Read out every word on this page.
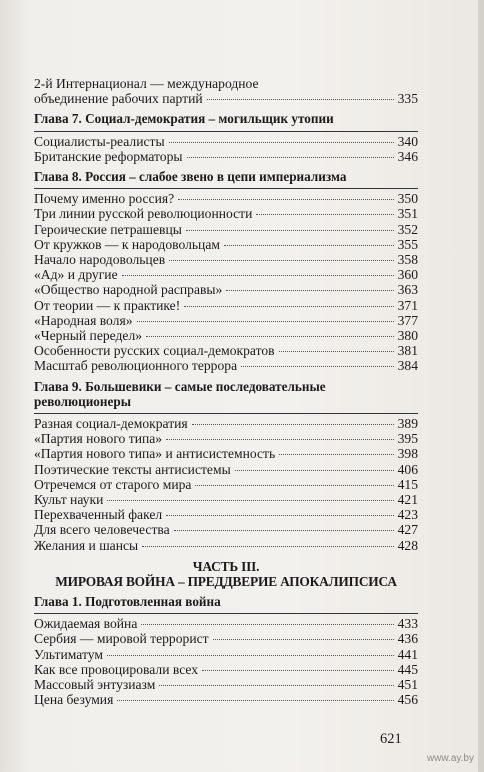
2-й Интернационал — международное
объединение рабочих партий	335
Глава 7. Социал-демократия – могильщик утопии
Социалисты-реалисты	340
Британские реформаторы	346
Глава 8. Россия – слабое звено в цепи империализма
Почему именно россия?	350
Три линии русской революционности	351
Героические петрашевцы	352
От кружков — к народовольцам	355
Начало народовольцев	358
«Ад» и другие	360
«Общество народной расправы»	363
От теории — к практике!	371
«Народная воля»	377
«Черный передел»	380
Особенности русских социал-демократов	381
Масштаб революционного террора	384
Глава 9. Большевики – самые последовательные
революционеры
Разная социал-демократия	389
«Партия нового типа»	395
«Партия нового типа» и антисистемность	398
Поэтические тексты антисистемы	406
Отречемся от старого мира	415
Культ науки	421
Перехваченный факел	423
Для всего человечества	427
Желания и шансы	428
ЧАСТЬ III.
МИРОВАЯ ВОЙНА – ПРЕДДВЕРИЕ АПОКАЛИПСИСА
Глава 1. Подготовленная война
Ожидаемая война	433
Сербия — мировой террорист	436
Ультиматум	441
Как все провоцировали всех	445
Массовый энтузиазм	451
Цена безумия	456
621
www.ay.by
